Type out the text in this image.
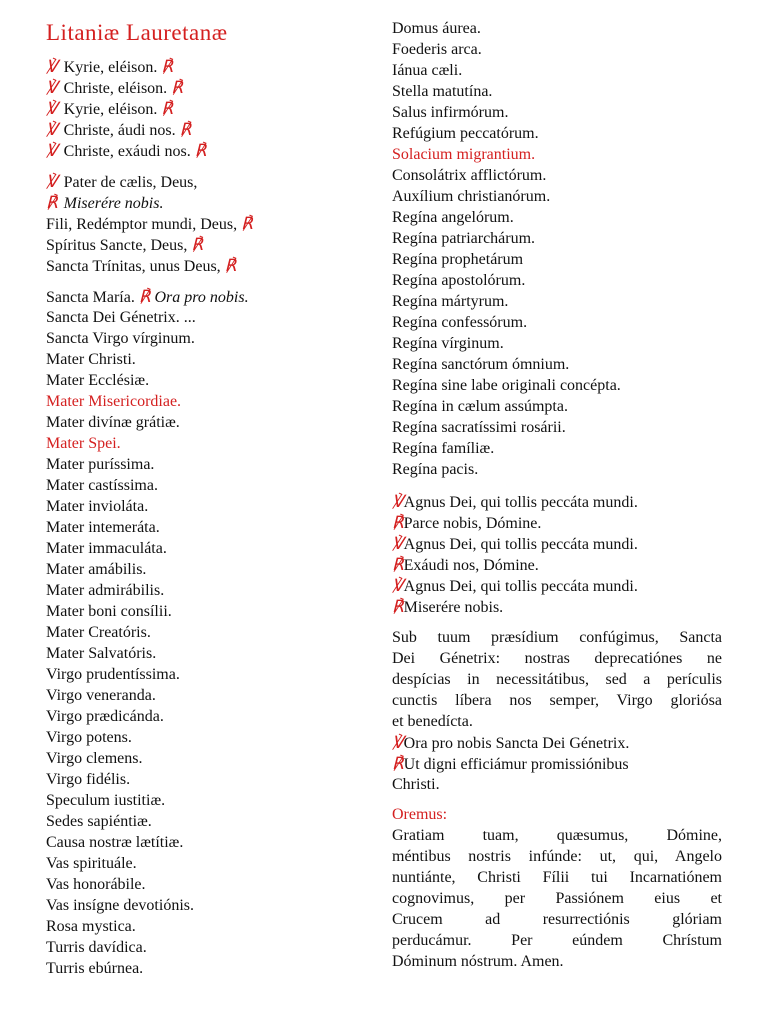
Litaniæ Lauretanæ
℣ Kyrie, eléison. ℟
℣ Christe, eléison. ℟
℣ Kyrie, eléison. ℟
℣ Christe, áudi nos. ℟
℣ Christe, exáudi nos. ℟
℣ Pater de cælis, Deus,
℟ Miserére nobis.
Fili, Redémptor mundi, Deus, ℟
Spíritus Sancte, Deus, ℟
Sancta Trínitas, unus Deus, ℟
Sancta María. ℟ Ora pro nobis.
Sancta Dei Génetrix. ...
Sancta Virgo vírginum.
Mater Christi.
Mater Ecclésiæ.
Mater Misericordiae.
Mater divínæ grátiæ.
Mater Spei.
Mater puríssima.
Mater castíssima.
Mater invioláta.
Mater intemeráta.
Mater immaculáta.
Mater amábilis.
Mater admirábilis.
Mater boni consílii.
Mater Creatóris.
Mater Salvatóris.
Virgo prudentíssima.
Virgo veneranda.
Virgo prædicánda.
Virgo potens.
Virgo clemens.
Virgo fidélis.
Speculum iustitiæ.
Sedes sapiéntiæ.
Causa nostræ lætítiæ.
Vas spirituále.
Vas honorábile.
Vas insígne devotiónis.
Rosa mystica.
Turris davídica.
Turris ebúrnea.
Domus áurea.
Foederis arca.
Iánua cæli.
Stella matutína.
Salus infirmórum.
Refúgium peccatórum.
Solacium migrantium.
Consolátrix afflictórum.
Auxílium christianórum.
Regína angelórum.
Regína patriarchárum.
Regína prophetárum
Regína apostolórum.
Regína mártyrum.
Regína confessórum.
Regína vírginum.
Regína sanctórum ómnium.
Regína sine labe originali concépta.
Regína in cælum assúmpta.
Regína sacratíssimi rosárii.
Regína famíliæ.
Regína pacis.
℣Agnus Dei, qui tollis peccáta mundi.
℟Parce nobis, Dómine.
℣Agnus Dei, qui tollis peccáta mundi.
℟Exáudi nos, Dómine.
℣Agnus Dei, qui tollis peccáta mundi.
℟Miserére nobis.
Sub tuum præsídium confúgimus, Sancta
Dei Génetrix: nostras deprecatiónes ne
despícias in necessitátibus, sed a perículis
cunctis líbera nos semper, Virgo gloriósa
et benedícta.
℣Ora pro nobis Sancta Dei Génetrix.
℟Ut digni efficiámur promissiónibus
Christi.
Oremus:
Gratiam tuam, quæsumus, Dómine,
méntibus nostris infúnde: ut, qui, Angelo
nuntiánte, Christi Fílii tui Incarnatiónem
cognovimus, per Passiónem eius et
Crucem ad resurrectiónis glóriam
perducámur. Per eúndem Chrístum
Dóminum nóstrum. Amen.
